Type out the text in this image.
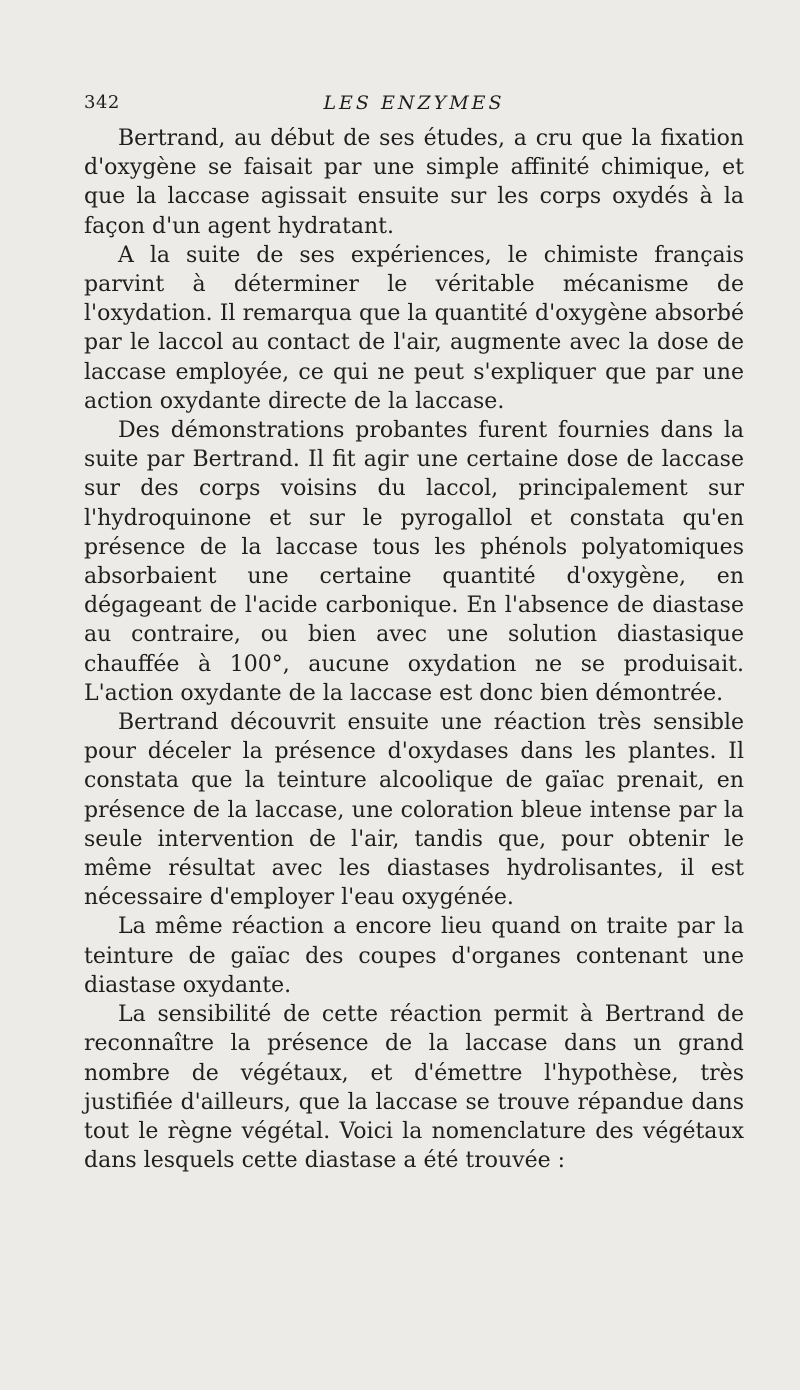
342	LES ENZYMES

Bertrand, au début de ses études, a cru que la fixation d'oxygène se faisait par une simple affinité chimique, et que la laccase agissait ensuite sur les corps oxydés à la façon d'un agent hydratant.

A la suite de ses expériences, le chimiste français parvint à déterminer le véritable mécanisme de l'oxydation. Il remarqua que la quantité d'oxygène absorbé par le laccol au contact de l'air, augmente avec la dose de laccase employée, ce qui ne peut s'expliquer que par une action oxydante directe de la laccase.

Des démonstrations probantes furent fournies dans la suite par Bertrand. Il fit agir une certaine dose de laccase sur des corps voisins du laccol, principalement sur l'hydroquinone et sur le pyrogallol et constata qu'en présence de la laccase tous les phénols polyatomiques absorbaient une certaine quantité d'oxygène, en dégageant de l'acide carbonique. En l'absence de diastase au contraire, ou bien avec une solution diastasique chauffée à 100°, aucune oxydation ne se produisait. L'action oxydante de la laccase est donc bien démontrée.

Bertrand découvrit ensuite une réaction très sensible pour déceler la présence d'oxydases dans les plantes. Il constata que la teinture alcoolique de gaïac prenait, en présence de la laccase, une coloration bleue intense par la seule intervention de l'air, tandis que, pour obtenir le même résultat avec les diastases hydrolisantes, il est nécessaire d'employer l'eau oxygénée.

La même réaction a encore lieu quand on traite par la teinture de gaïac des coupes d'organes contenant une diastase oxydante.

La sensibilité de cette réaction permit à Bertrand de reconnaître la présence de la laccase dans un grand nombre de végétaux, et d'émettre l'hypothèse, très justifiée d'ailleurs, que la laccase se trouve répandue dans tout le règne végétal. Voici la nomenclature des végétaux dans lesquels cette diastase a été trouvée :
